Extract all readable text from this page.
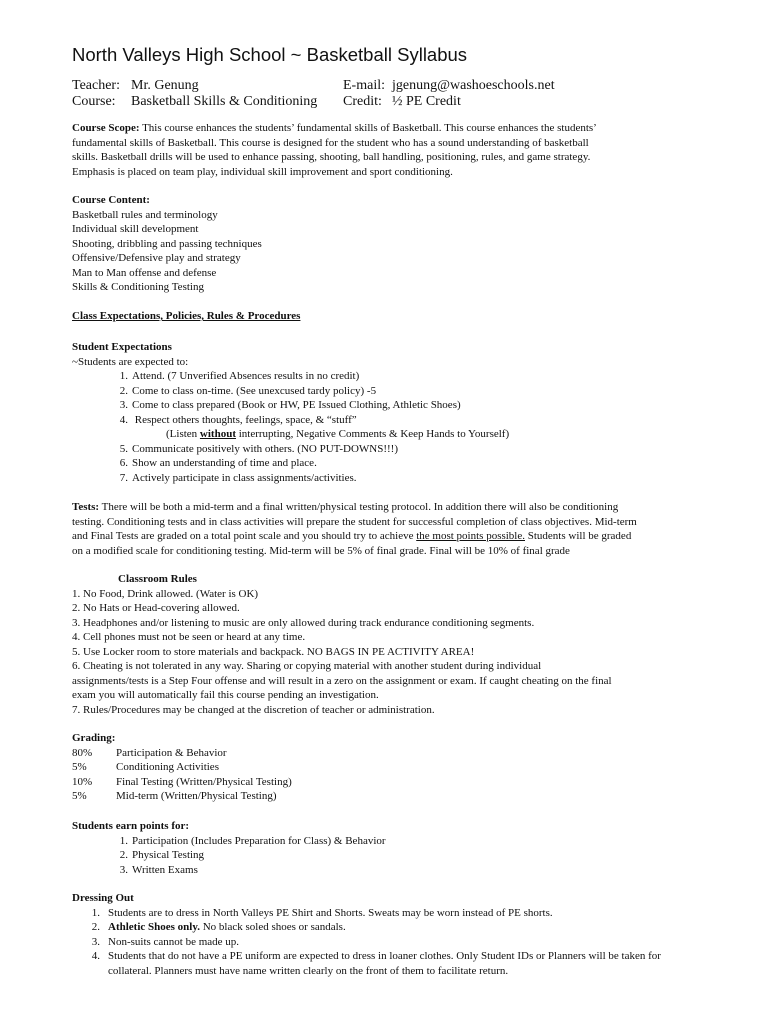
North Valleys High School ~ Basketball Syllabus
Teacher: Mr. Genung
Course: Basketball Skills & Conditioning
E-mail: jgenung@washoeschools.net
Credit: ½ PE Credit
Course Scope: This course enhances the students’ fundamental skills of Basketball. This course enhances the students’
fundamental skills of Basketball. This course is designed for the student who has a sound understanding of basketball
skills. Basketball drills will be used to enhance passing, shooting, ball handling, positioning, rules, and game strategy.
Emphasis is placed on team play, individual skill improvement and sport conditioning.
Course Content:
Basketball rules and terminology
Individual skill development
Shooting, dribbling and passing techniques
Offensive/Defensive play and strategy
Man to Man offense and defense
Skills & Conditioning Testing
Class Expectations, Policies, Rules & Procedures
Student Expectations
~Students are expected to:
1. Attend. (7 Unverified Absences results in no credit)
2. Come to class on-time. (See unexcused tardy policy) -5
3. Come to class prepared (Book or HW, PE Issued Clothing, Athletic Shoes)
4. Respect others thoughts, feelings, space, & “stuff”
(Listen without interrupting, Negative Comments & Keep Hands to Yourself)
5. Communicate positively with others. (NO PUT-DOWNS!!!)
6. Show an understanding of time and place.
7. Actively participate in class assignments/activities.
Tests: There will be both a mid-term and a final written/physical testing protocol. In addition there will also be conditioning
testing. Conditioning tests and in class activities will prepare the student for successful completion of class objectives. Mid-term
and Final Tests are graded on a total point scale and you should try to achieve the most points possible. Students will be graded
on a modified scale for conditioning testing. Mid-term will be 5% of final grade. Final will be 10% of final grade
Classroom Rules
1. No Food, Drink allowed. (Water is OK)
2. No Hats or Head-covering allowed.
3. Headphones and/or listening to music are only allowed during track endurance conditioning segments.
4. Cell phones must not be seen or heard at any time.
5. Use Locker room to store materials and backpack. NO BAGS IN PE ACTIVITY AREA!
6. Cheating is not tolerated in any way. Sharing or copying material with another student during individual
assignments/tests is a Step Four offense and will result in a zero on the assignment or exam. If caught cheating on the final
exam you will automatically fail this course pending an investigation.
7. Rules/Procedures may be changed at the discretion of teacher or administration.
Grading:
80% Participation & Behavior
5%	Conditioning Activities
10% Final Testing (Written/Physical Testing)
5%	Mid-term (Written/Physical Testing)
Students earn points for:
1. Participation (Includes Preparation for Class) & Behavior
2. Physical Testing
3. Written Exams
Dressing Out
1. Students are to dress in North Valleys PE Shirt and Shorts. Sweats may be worn instead of PE shorts.
2. Athletic Shoes only. No black soled shoes or sandals.
3. Non-suits cannot be made up.
4. Students that do not have a PE uniform are expected to dress in loaner clothes. Only Student IDs or Planners will be taken for
collateral. Planners must have name written clearly on the front of them to facilitate return.
